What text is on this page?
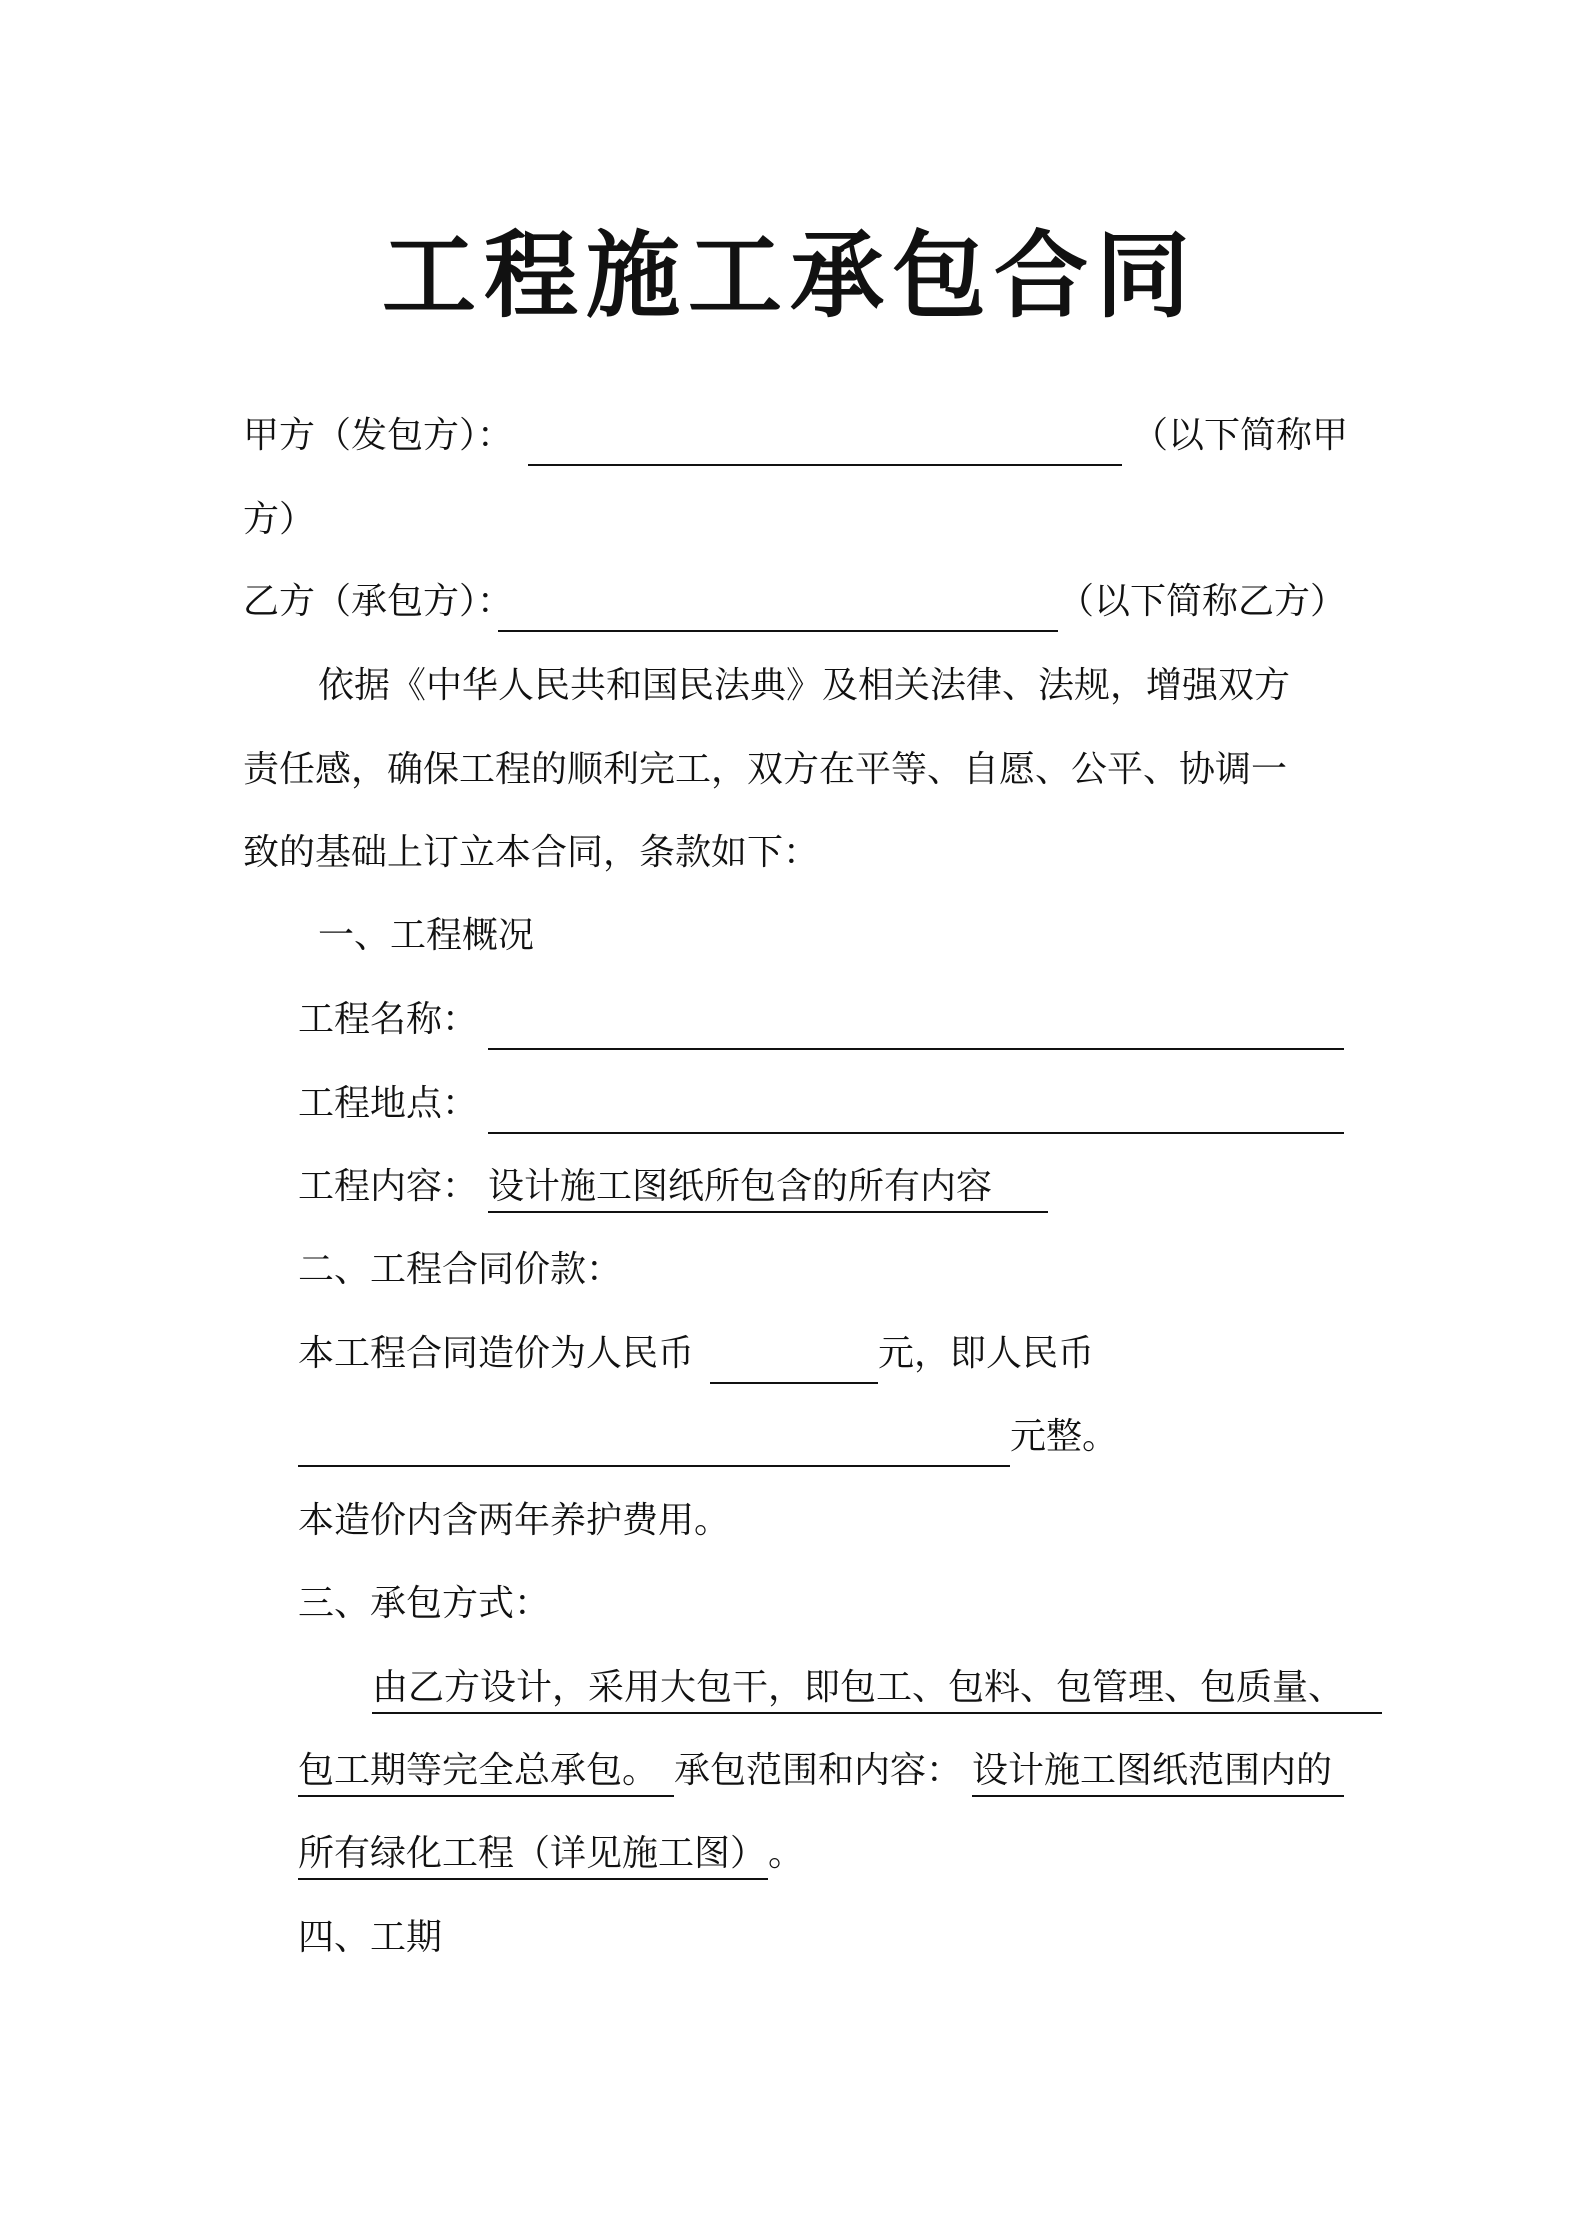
工程施工承包合同
甲方（发包方）：	（以下简称甲
方）
乙方（承包方）：	（以下简称乙方）
依据《中华人民共和国民法典》及相关法律、法规，增强双方
责任感，确保工程的顺利完工，双方在平等、自愿、公平、协调一
致的基础上订立本合同，条款如下：
一、工程概况
工程名称：
工程地点：
工程内容： 设计施工图纸所包含的所有内容
二、工程合同价款：
本工程合同造价为人民币	元，即人民币
元整。
本造价内含两年养护费用。
三、承包方式：
由乙方设计，采用大包干，即包工、包料、包管理、包质量、
包工期等完全总承包。 承包范围和内容： 设计施工图纸范围内的
所有绿化工程（详见施工图） 。
四、工期
